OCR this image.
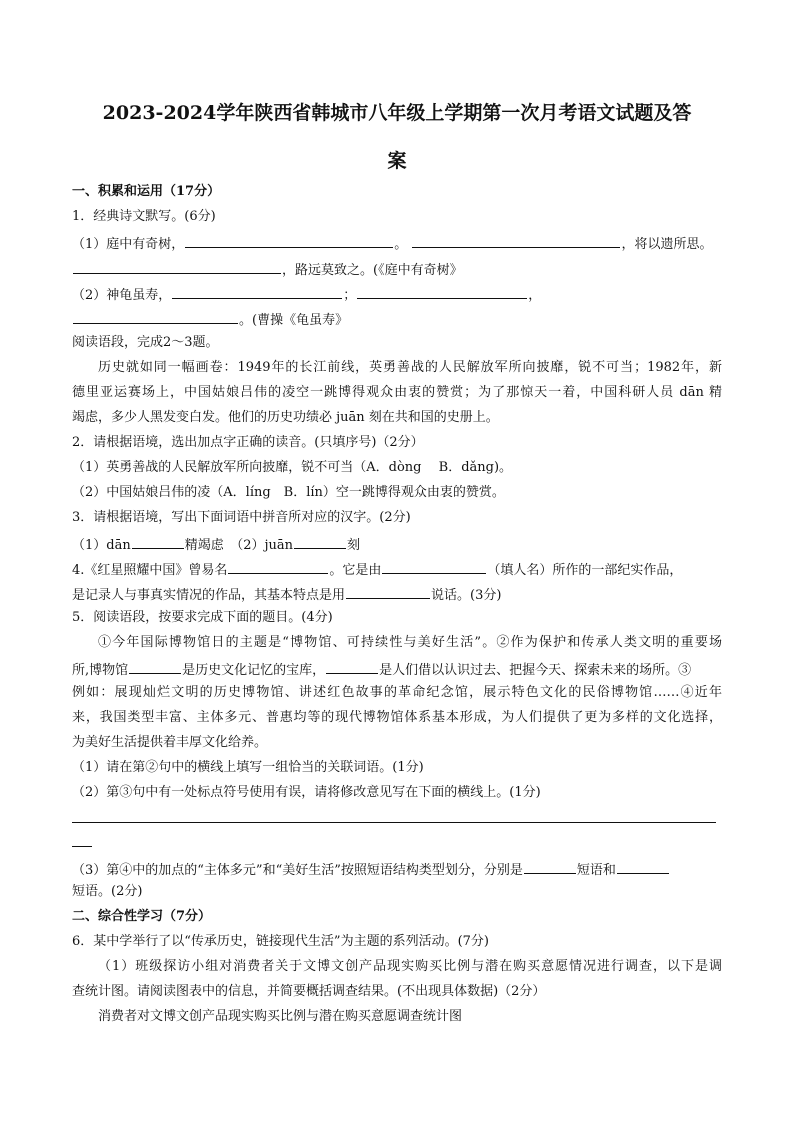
2023-2024学年陕西省韩城市八年级上学期第一次月考语文试题及答
案
一、积累和运用（17分）
1．经典诗文默写。(6分)
（1）庭中有奇树，	。	，将以遗所思。
，路远莫致之。(《庭中有奇树》
（2）神龟虽寿，	；	，
。(曹操《龟虽寿》
阅读语段，完成2～3题。
历史就如同一幅画卷：1949年的长江前线，英勇善战的人民解放军所向披靡，锐不可当；1982年，新
德里亚运赛场上，中国姑娘吕伟的凌空一跳博得观众由衷的赞赏；为了那惊天一着，中国科研人员 dān 精
竭虑，多少人黑发变白发。他们的历史功绩必 juān 刻在共和国的史册上。
2．请根据语境，选出加点字正确的读音。(只填序号)（2分）
（1）英勇善战的人民解放军所向披靡，锐不可当（A．dòng　 B．dǎng)。
（2）中国姑娘吕伟的凌（A．líng　B．lín）空一跳博得观众由衷的赞赏。
3．请根据语境，写出下面词语中拼音所对应的汉字。(2分)
（1）dān	精竭虑　（2）juān	刻
4.《红星照耀中国》曾易名	。它是由	（填人名）所作的一部纪实作品，
是记录人与事真实情况的作品，其基本特点是用	说话。(3分)
5．阅读语段，按要求完成下面的题目。(4分)
①今年国际博物馆日的主题是“博物馆、可持续性与美好生活”。②作为保护和传承人类文明的重要场
所,博物馆	是历史文化记忆的宝库，	是人们借以认识过去、把握今天、探索未来的场所。③
例如：展现灿烂文明的历史博物馆、讲述红色故事的革命纪念馆，展示特色文化的民俗博物馆……④近年
来，我国类型丰富、主体多元、普惠均等的现代博物馆体系基本形成，为人们提供了更为多样的文化选择，
为美好生活提供着丰厚文化给养。
（1）请在第②句中的横线上填写一组恰当的关联词语。(1分)
（2）第③句中有一处标点符号使用有误，请将修改意见写在下面的横线上。(1分)
（3）第④中的加点的“主体多元”和“美好生活”按照短语结构类型划分，分别是	短语和
短语。(2分)
二、综合性学习（7分）
6．某中学举行了以“传承历史，链接现代生活”为主题的系列活动。(7分)
（1）班级探访小组对消费者关于文博文创产品现实购买比例与潜在购买意愿情况进行调查，以下是调
查统计图。请阅读图表中的信息，并简要概括调查结果。(不出现具体数据)（2分）
消费者对文博文创产品现实购买比例与潜在购买意愿调查统计图
